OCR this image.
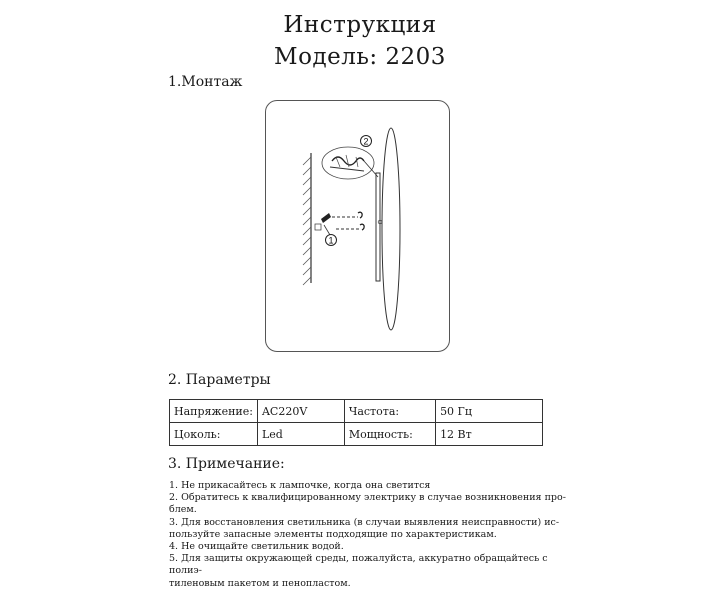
Инструкция
Модель: 2203
1.Монтаж
1
2
2. Параметры
Напряжение:	AC220V	Частота:	50 Гц
Цоколь:	Led	Мощность:	12 Вт
3. Примечание:
1. Не прикасайтесь к лампочке, когда она светится
2. Обратитесь к квалифицированному электрику в случае возникновения про-
блем.
3. Для восстановления светильника (в случаи выявления неисправности) ис-
пользуйте запасные элементы подходящие по характеристикам.
4. Не очищайте светильник водой.
5. Для защиты окружающей среды, пожалуйста, аккуратно обращайтесь с полиэ-
тиленовым пакетом и пенопластом.
